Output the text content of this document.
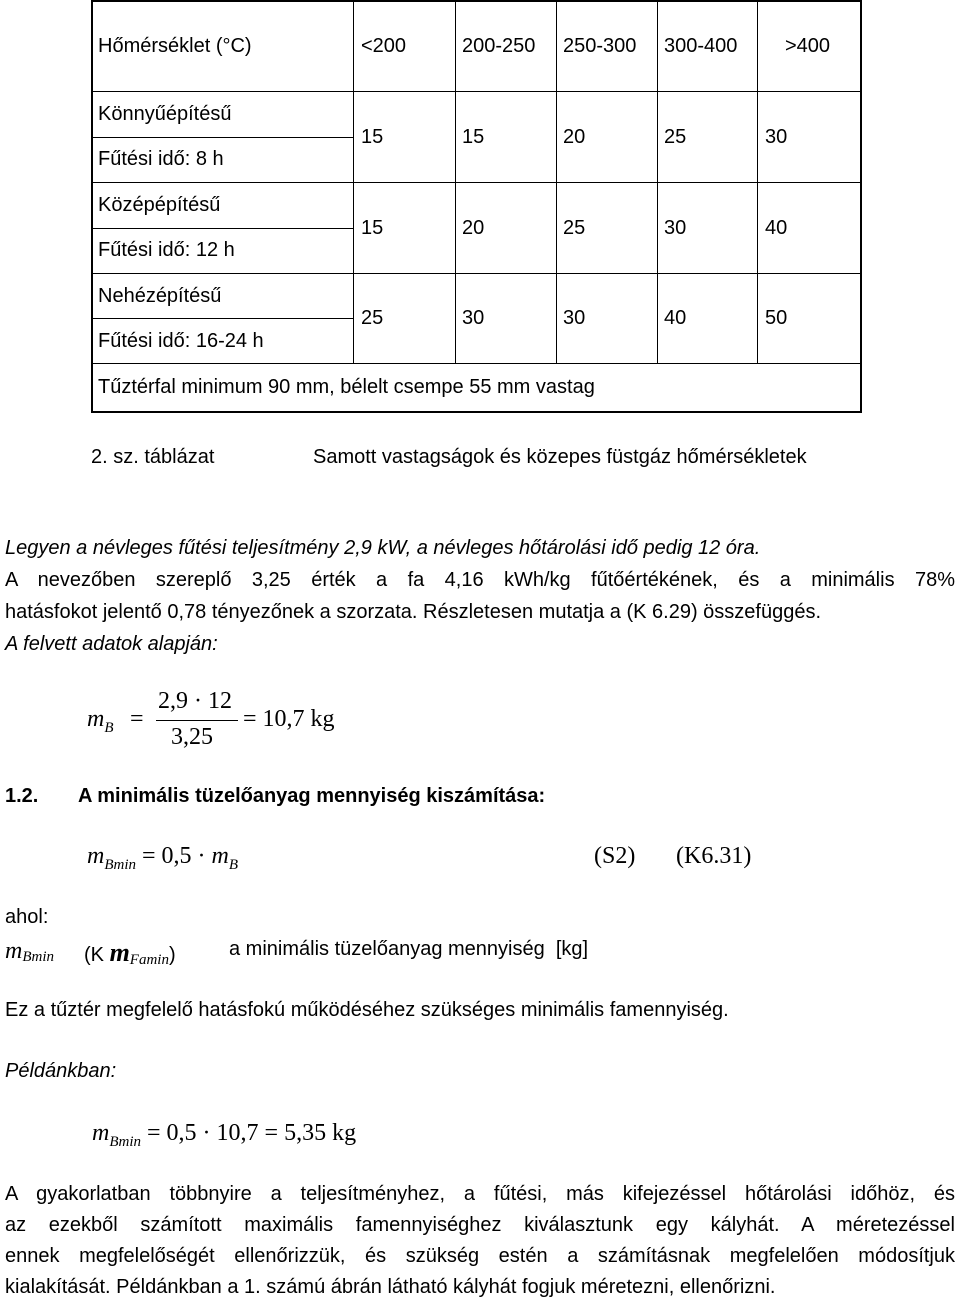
Hőmérséklet (°C)	<200	200-250 250-300 300-400 >400
Könnyűépítésű
Fűtési idő: 8 h
15	15	20	25	30
Középépítésű
Fűtési idő: 12 h
15	20	25	30	40
Nehézépítésű
Fűtési idő: 16-24 h
25	30	30	40	50
Tűztérfal minimum 90 mm, bélelt csempe 55 mm vastag
2. sz. táblázat	Samott vastagságok és közepes füstgáz hőmérsékletek
Legyen a névleges fűtési teljesítmény 2,9 kW, a névleges hőtárolási idő pedig 12 óra.
A nevezőben szereplő 3,25 érték a fa 4,16 kWh/kg fűtőértékének, és a minimális 78%
hatásfokot jelentő 0,78 tényezőnek a szorzata. Részletesen mutatja a (K 6.29) összefüggés.
A felvett adatok alapján:
$m_B$ =
2,9 · 12
3,25
= 10,7 kg
1.2. A minimális tüzelőanyag mennyiség kiszámítása:
$m_{Bmin} = 0,5 \cdot m_B$	(S2) (K6.31)
ahol:
mBmin (K mFamin)	a minimális tüzelőanyag mennyiség  [kg]
Ez a tűztér megfelelő hatásfokú működéséhez szükséges minimális famennyiség.
Példánkban:
$m_{Bmin} = 0,5 \cdot 10,7 = 5,35$ kg
A gyakorlatban többnyire a teljesítményhez, a fűtési, más kifejezéssel hőtárolási időhöz, és
az ezekből számított maximális famennyiséghez kiválasztunk egy kályhát. A méretezéssel
ennek megfelelőségét ellenőrizzük, és szükség estén a számításnak megfelelően módosítjuk
kialakítását. Példánkban a 1. számú ábrán látható kályhát fogjuk méretezni, ellenőrizni.
